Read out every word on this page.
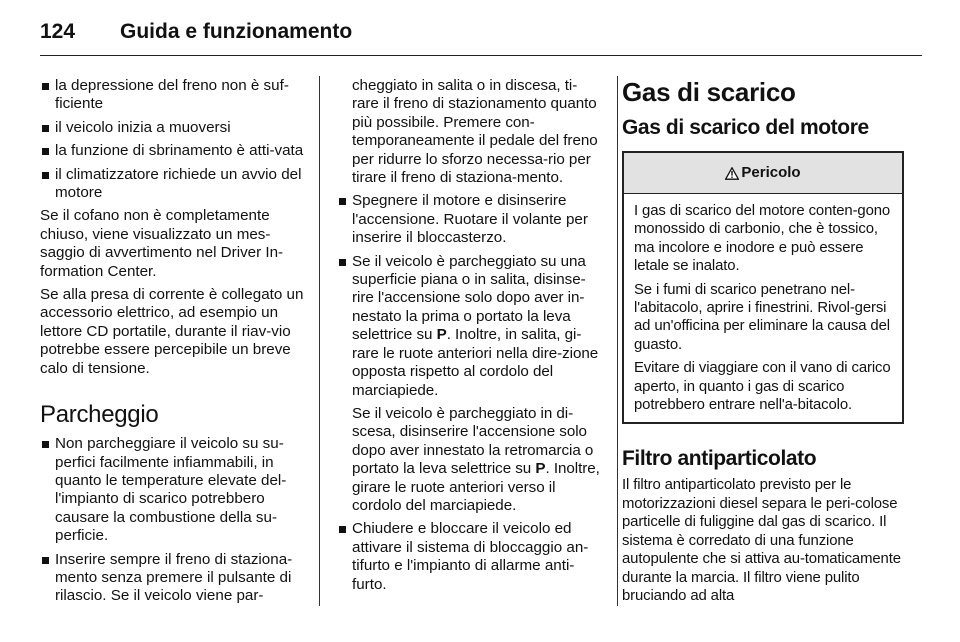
124 Guida e funzionamento
la depressione del freno non è suf-ficiente
il veicolo inizia a muoversi
la funzione di sbrinamento è atti-vata
il climatizzatore richiede un avvio del motore

Se il cofano non è completamente chiuso, viene visualizzato un mes-saggio di avvertimento nel Driver In-formation Center.

Se alla presa di corrente è collegato un accessorio elettrico, ad esempio un lettore CD portatile, durante il riav-vio potrebbe essere percepibile un breve calo di tensione.

Parcheggio
Non parcheggiare il veicolo su su-perfici facilmente infiammabili, in quanto le temperature elevate del-l'impianto di scarico potrebbero causare la combustione della su-perficie.
Inserire sempre il freno di staziona-mento senza premere il pulsante di rilascio. Se il veicolo viene par-

cheggiato in salita o in discesa, ti-rare il freno di stazionamento quanto più possibile. Premere con-temporaneamente il pedale del freno per ridurre lo sforzo necessa-rio per tirare il freno di staziona-mento.

Spegnere il motore e disinserire l'accensione. Ruotare il volante per inserire il bloccasterzo.
Se il veicolo è parcheggiato su una superficie piana o in salita, disinse-rire l'accensione solo dopo aver in-nestato la prima o portato la leva selettrice su P. Inoltre, in salita, gi-rare le ruote anteriori nella dire-zione opposta rispetto al cordolo del marciapiede.

Se il veicolo è parcheggiato in di-scesa, disinserire l'accensione solo dopo aver innestato la retromarcia o portato la leva selettrice su P. Inoltre, girare le ruote anteriori verso il cordolo del marciapiede.

Chiudere e bloccare il veicolo ed attivare il sistema di bloccaggio an-tifurto e l'impianto di allarme anti-furto.
Gas di scarico
Gas di scarico del motore
Pericolo

I gas di scarico del motore conten-gono monossido di carbonio, che è tossico, ma incolore e inodore e può essere letale se inalato.

Se i fumi di scarico penetrano nel-l'abitacolo, aprire i finestrini. Rivol-gersi ad un'officina per eliminare la causa del guasto.

Evitare di viaggiare con il vano di carico aperto, in quanto i gas di scarico potrebbero entrare nell'a-bitacolo.

Filtro antiparticolato

Il filtro antiparticolato previsto per le motorizzazioni diesel separa le peri-colose particelle di fuliggine dal gas di scarico. Il sistema è corredato di una funzione autopulente che si attiva au-tomaticamente durante la marcia. Il filtro viene pulito bruciando ad alta
